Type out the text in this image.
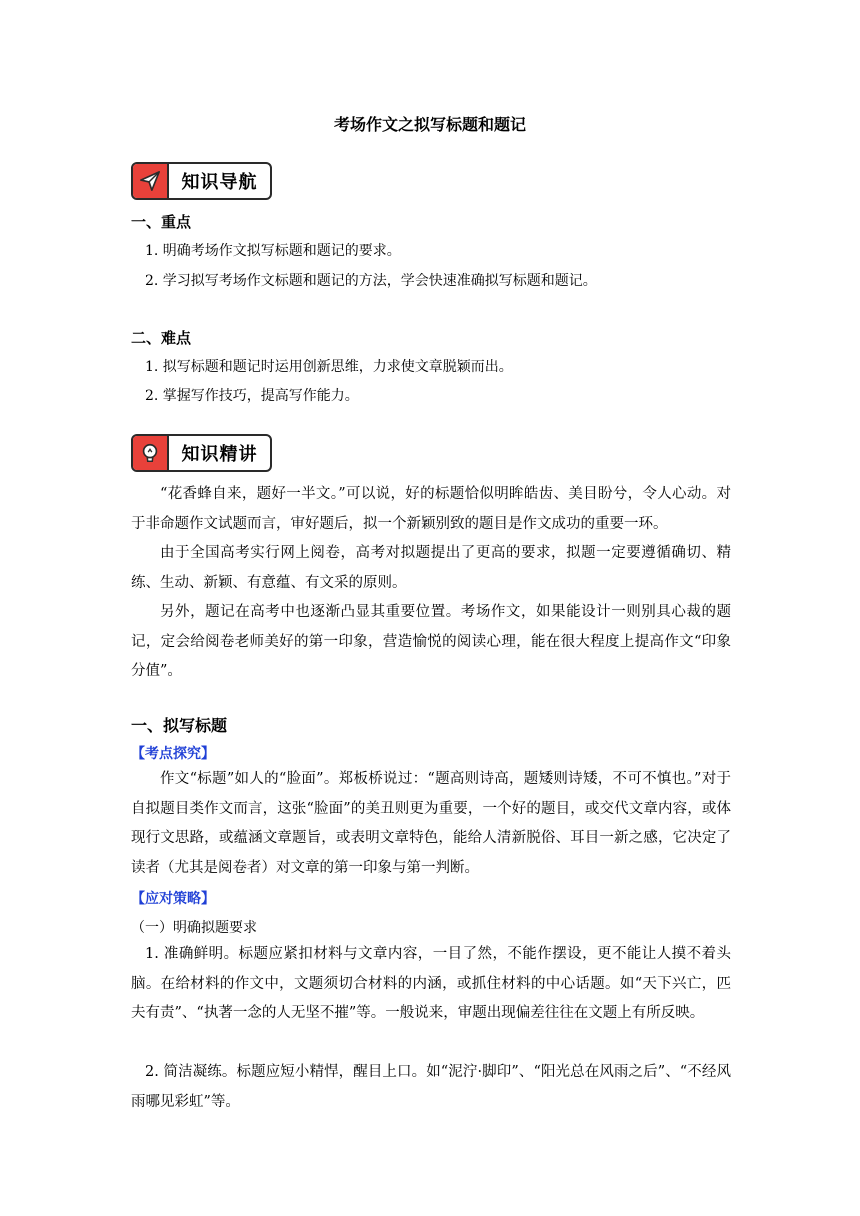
考场作文之拟写标题和题记
知识导航
一、重点
1. 明确考场作文拟写标题和题记的要求。
2. 学习拟写考场作文标题和题记的方法，学会快速准确拟写标题和题记。
二、难点
1. 拟写标题和题记时运用创新思维，力求使文章脱颖而出。
2. 掌握写作技巧，提高写作能力。
知识精讲
“花香蜂自来，题好一半文。”可以说，好的标题恰似明眸皓齿、美目盼兮，令人心动。对于非命题作文试题而言，审好题后，拟一个新颖别致的题目是作文成功的重要一环。
由于全国高考实行网上阅卷，高考对拟题提出了更高的要求，拟题一定要遵循确切、精练、生动、新颖、有意蕴、有文采的原则。
另外，题记在高考中也逐渐凸显其重要位置。考场作文，如果能设计一则别具心裁的题记，定会给阅卷老师美好的第一印象，营造愉悦的阅读心理，能在很大程度上提高作文“印象分值”。
一、拟写标题
【考点探究】
作文“标题”如人的“脸面”。郑板桥说过：“题高则诗高，题矮则诗矮，不可不慎也。”对于自拟题目类作文而言，这张“脸面”的美丑则更为重要，一个好的题目，或交代文章内容，或体现行文思路，或蕴涵文章题旨，或表明文章特色，能给人清新脱俗、耳目一新之感，它决定了读者（尤其是阅卷者）对文章的第一印象与第一判断。
【应对策略】
（一）明确拟题要求
1. 准确鲜明。标题应紧扣材料与文章内容，一目了然，不能作摆设，更不能让人摸不着头脑。在给材料的作文中，文题须切合材料的内涵，或抓住材料的中心话题。如“天下兴亡，匹夫有责”、“执著一念的人无坚不摧”等。一般说来，审题出现偏差往往在文题上有所反映。
2. 简洁凝练。标题应短小精悍，醒目上口。如“泥泞·脚印”、“阳光总在风雨之后”、“不经风雨哪见彩虹”等。
